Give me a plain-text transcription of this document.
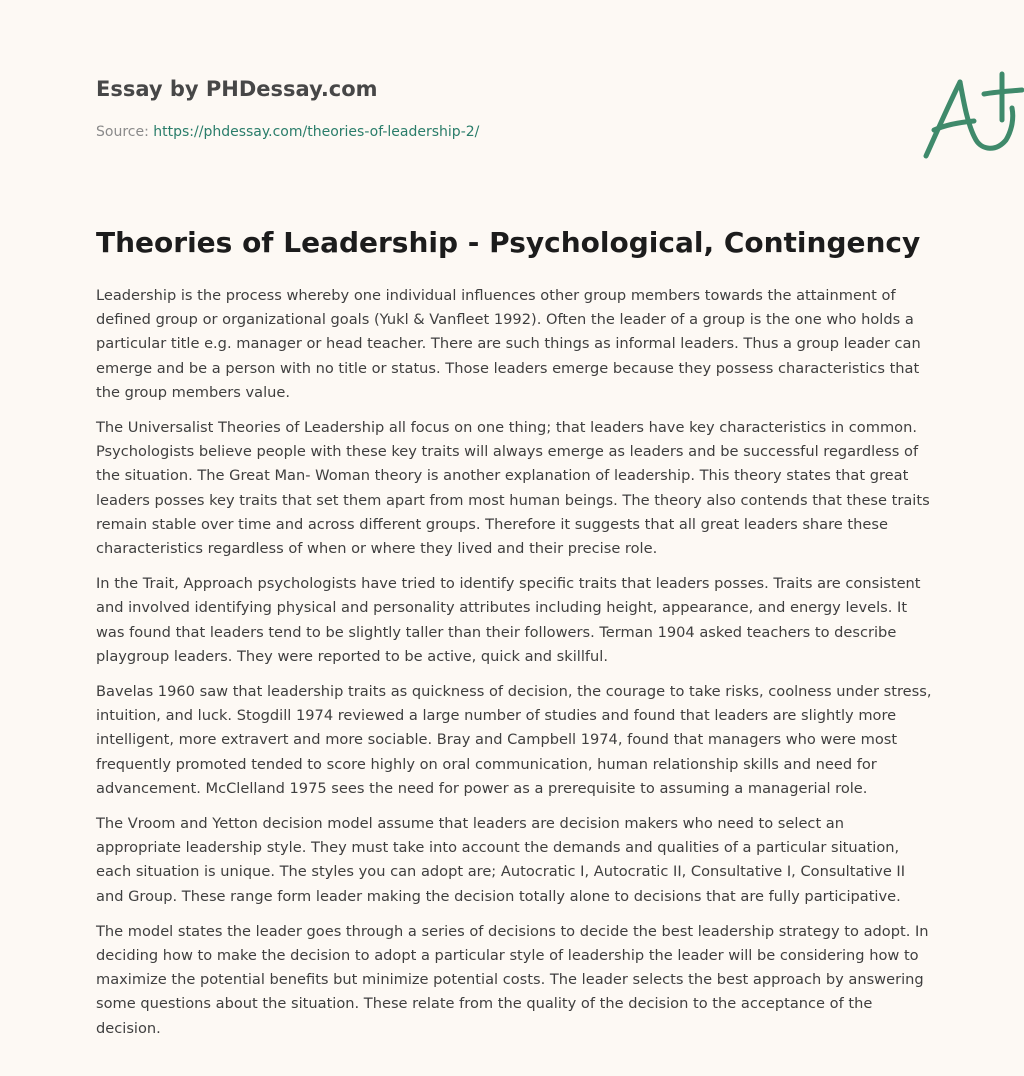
Essay by PHDessay.com
Source: https://phdessay.com/theories-of-leadership-2/
Theories of Leadership - Psychological, Contingency

Leadership is the process whereby one individual influences other group members towards the attainment of defined group or organizational goals (Yukl & Vanfleet 1992). Often the leader of a group is the one who holds a particular title e.g. manager or head teacher. There are such things as informal leaders. Thus a group leader can emerge and be a person with no title or status. Those leaders emerge because they possess characteristics that the group members value.

The Universalist Theories of Leadership all focus on one thing; that leaders have key characteristics in common. Psychologists believe people with these key traits will always emerge as leaders and be successful regardless of the situation. The Great Man- Woman theory is another explanation of leadership. This theory states that great leaders posses key traits that set them apart from most human beings. The theory also contends that these traits remain stable over time and across different groups. Therefore it suggests that all great leaders share these characteristics regardless of when or where they lived and their precise role.

In the Trait, Approach psychologists have tried to identify specific traits that leaders posses. Traits are consistent and involved identifying physical and personality attributes including height, appearance, and energy levels. It was found that leaders tend to be slightly taller than their followers. Terman 1904 asked teachers to describe playgroup leaders. They were reported to be active, quick and skillful.

Bavelas 1960 saw that leadership traits as quickness of decision, the courage to take risks, coolness under stress, intuition, and luck. Stogdill 1974 reviewed a large number of studies and found that leaders are slightly more intelligent, more extravert and more sociable. Bray and Campbell 1974, found that managers who were most frequently promoted tended to score highly on oral communication, human relationship skills and need for advancement. McClelland 1975 sees the need for power as a prerequisite to assuming a managerial role.

The Vroom and Yetton decision model assume that leaders are decision makers who need to select an appropriate leadership style. They must take into account the demands and qualities of a particular situation, each situation is unique. The styles you can adopt are; Autocratic I, Autocratic II, Consultative I, Consultative II and Group. These range form leader making the decision totally alone to decisions that are fully participative.

The model states the leader goes through a series of decisions to decide the best leadership strategy to adopt. In deciding how to make the decision to adopt a particular style of leadership the leader will be considering how to maximize the potential benefits but minimize potential costs. The leader selects the best approach by answering some questions about the situation. These relate from the quality of the decision to the acceptance of the decision.
